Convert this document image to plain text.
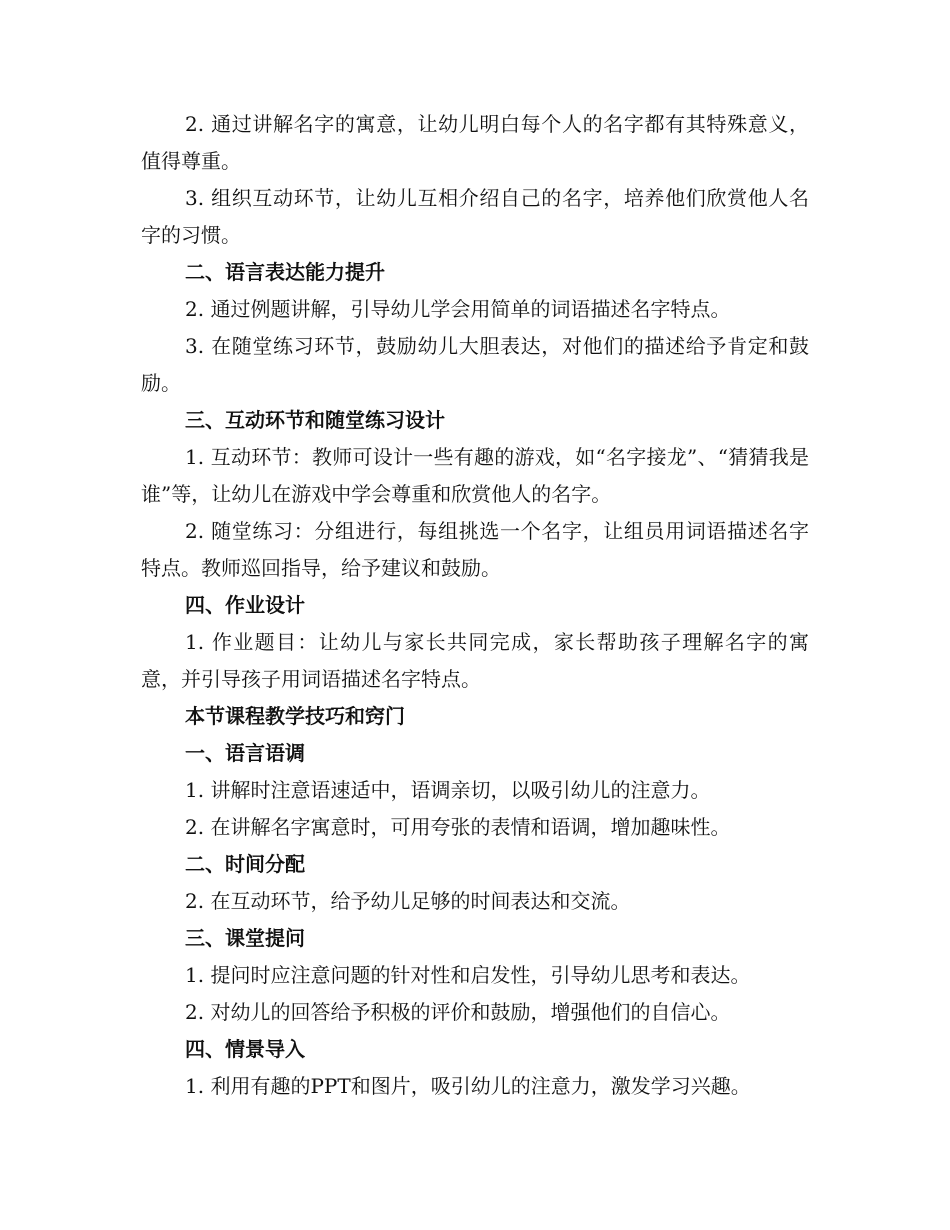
2. 通过讲解名字的寓意，让幼儿明白每个人的名字都有其特殊意义，值得尊重。

3. 组织互动环节，让幼儿互相介绍自己的名字，培养他们欣赏他人名字的习惯。

二、语言表达能力提升

2. 通过例题讲解，引导幼儿学会用简单的词语描述名字特点。

3. 在随堂练习环节，鼓励幼儿大胆表达，对他们的描述给予肯定和鼓励。

三、互动环节和随堂练习设计

1. 互动环节：教师可设计一些有趣的游戏，如“名字接龙”、“猜猜我是谁”等，让幼儿在游戏中学会尊重和欣赏他人的名字。

2. 随堂练习：分组进行，每组挑选一个名字，让组员用词语描述名字特点。教师巡回指导，给予建议和鼓励。

四、作业设计

1. 作业题目：让幼儿与家长共同完成，家长帮助孩子理解名字的寓意，并引导孩子用词语描述名字特点。

本节课程教学技巧和窍门

一、语言语调

1. 讲解时注意语速适中，语调亲切，以吸引幼儿的注意力。

2. 在讲解名字寓意时，可用夸张的表情和语调，增加趣味性。

二、时间分配

2. 在互动环节，给予幼儿足够的时间表达和交流。

三、课堂提问

1. 提问时应注意问题的针对性和启发性，引导幼儿思考和表达。

2. 对幼儿的回答给予积极的评价和鼓励，增强他们的自信心。

四、情景导入

1. 利用有趣的PPT和图片，吸引幼儿的注意力，激发学习兴趣。
